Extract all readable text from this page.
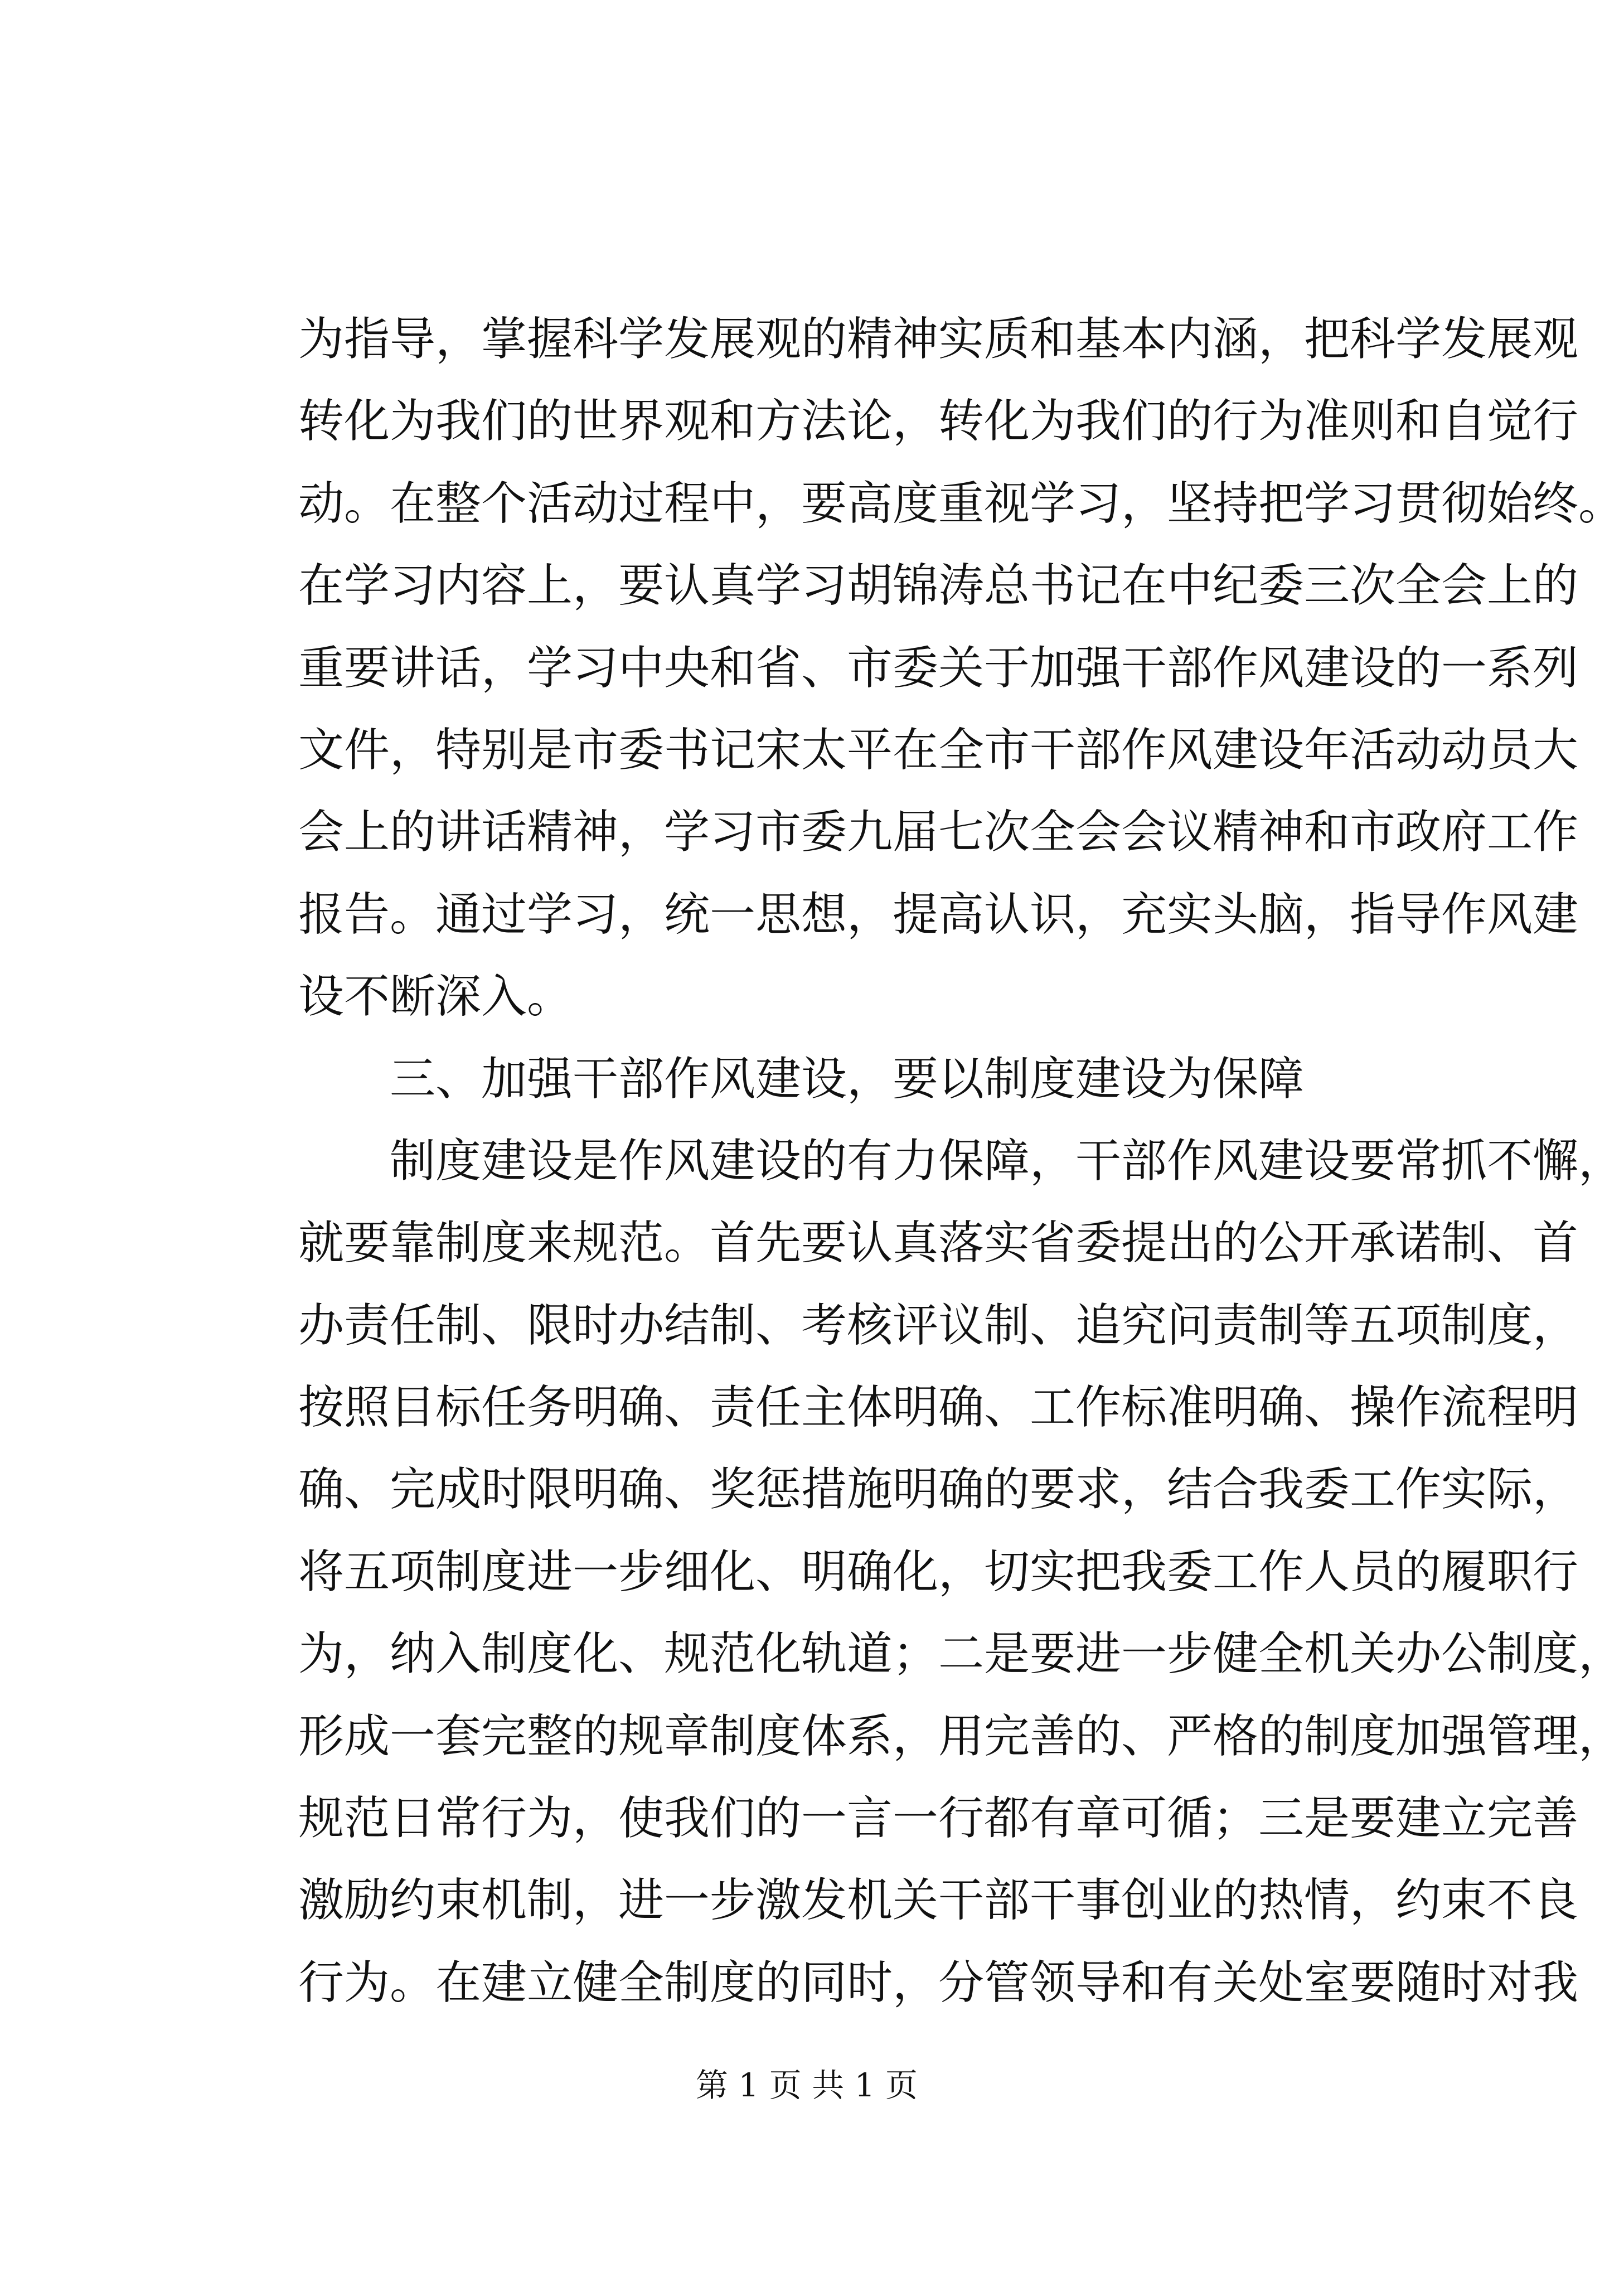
为指导，掌握科学发展观的精神实质和基本内涵，把科学发展观
转化为我们的世界观和方法论，转化为我们的行为准则和自觉行
动。在整个活动过程中，要高度重视学习，坚持把学习贯彻始终。
在学习内容上，要认真学习胡锦涛总书记在中纪委三次全会上的
重要讲话，学习中央和省、市委关于加强干部作风建设的一系列
文件，特别是市委书记宋太平在全市干部作风建设年活动动员大
会上的讲话精神，学习市委九届七次全会会议精神和市政府工作
报告。通过学习，统一思想，提高认识，充实头脑，指导作风建
设不断深入。
三、加强干部作风建设，要以制度建设为保障
制度建设是作风建设的有力保障，干部作风建设要常抓不懈，
就要靠制度来规范。首先要认真落实省委提出的公开承诺制、首
办责任制、限时办结制、考核评议制、追究问责制等五项制度，
按照目标任务明确、责任主体明确、工作标准明确、操作流程明
确、完成时限明确、奖惩措施明确的要求，结合我委工作实际，
将五项制度进一步细化、明确化，切实把我委工作人员的履职行
为，纳入制度化、规范化轨道；二是要进一步健全机关办公制度，
形成一套完整的规章制度体系，用完善的、严格的制度加强管理，
规范日常行为，使我们的一言一行都有章可循；三是要建立完善
激励约束机制，进一步激发机关干部干事创业的热情，约束不良
行为。在建立健全制度的同时，分管领导和有关处室要随时对我
第 1 页 共 1 页
